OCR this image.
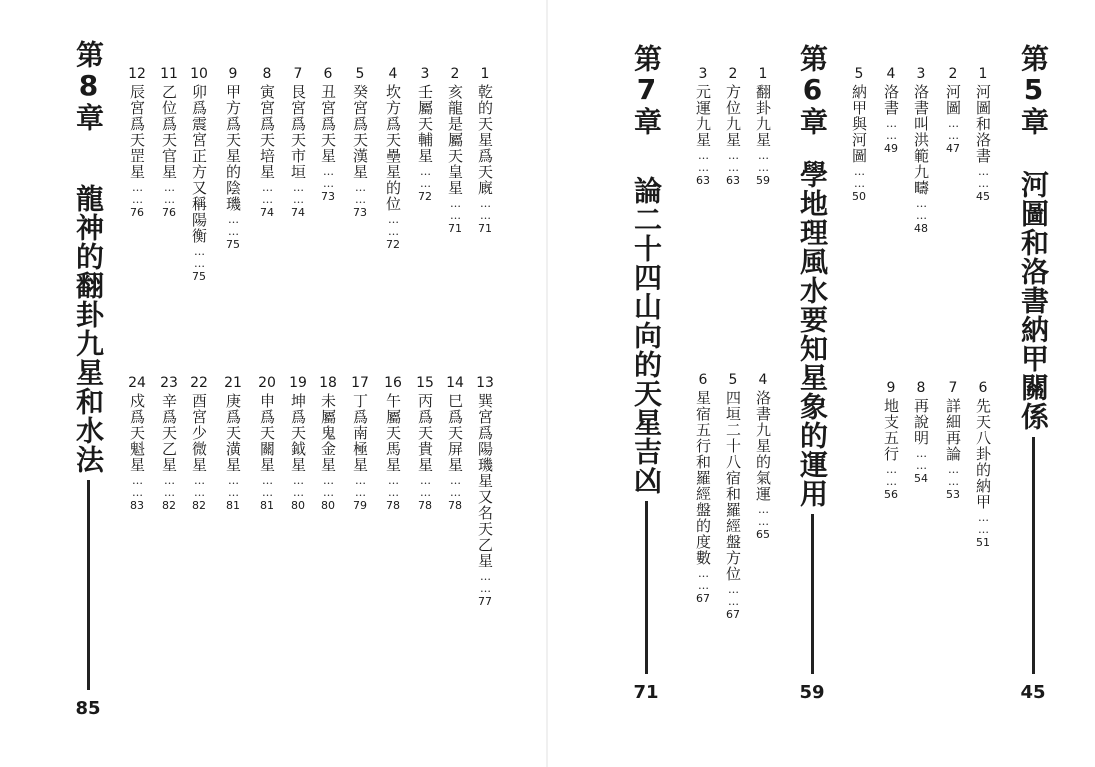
第8章
龍神的翻卦九星和水法
85
1
乾的天星爲天廐
……
71
2
亥龍是屬天皇星
……
71
3
壬屬天輔星
……
72
4
坎方爲天壘星的位
……
72
5
癸宮爲天漢星
……
73
6
丑宮爲天星
……
73
7
艮宮爲天市垣
……
74
8
寅宮爲天培星
……
74
9
甲方爲天星的陰璣
……
75
10
卯爲震宮正方又稱陽衡
……
75
11
乙位爲天官星
……
76
12
辰宮爲天罡星
……
76
13
巽宮爲陽璣星又名天乙星
……
77
14
巳爲天屏星
……
78
15
丙爲天貴星
……
78
16
午屬天馬星
……
78
17
丁爲南極星
……
79
18
未屬鬼金星
……
80
19
坤爲天鉞星
……
80
20
申爲天關星
……
81
21
庚爲天潢星
……
81
22
酉宮少微星
……
82
23
辛爲天乙星
……
82
24
戍爲天魁星
……
83
第5章
河圖和洛書納甲關係
45
1
河圖和洛書
……
45
2
河圖
……
47
3
洛書叫洪範九疇
……
48
4
洛書
……
49
5
納甲與河圖
……
50
6
先天八卦的納甲
……
51
7
詳細再論
……
53
8
再說明
……
54
9
地支五行
……
56
第6章
學地理風水要知星象的運用
59
1
翻卦九星
……
59
2
方位九星
……
63
3
元運九星
……
63
4
洛書九星的氣運
……
65
5
四垣二十八宿和羅經盤方位
……
67
6
星宿五行和羅經盤的度數
……
67
第7章
論二十四山向的天星吉凶
71
